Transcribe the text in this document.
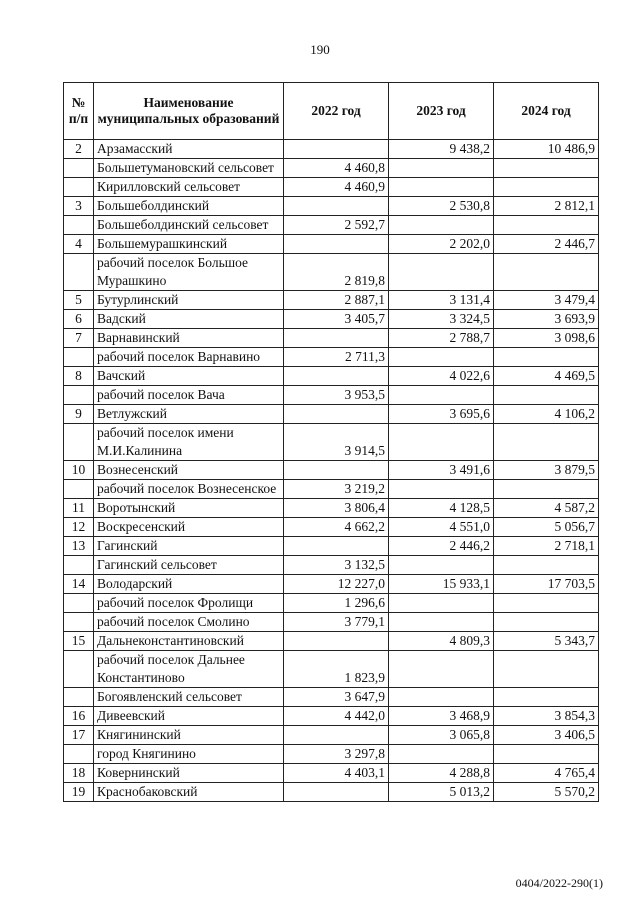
190
№ п/п	Наименование муниципальных образований	2022 год	2023 год	2024 год
2	Арзамасский		9 438,2	10 486,9
	Большетумановский сельсовет	4 460,8		
	Кирилловский сельсовет	4 460,9		
3	Большеболдинский		2 530,8	2 812,1
	Большеболдинский сельсовет	2 592,7		
4	Большемурашкинский		2 202,0	2 446,7
	рабочий поселок Большое Мурашкино	2 819,8		
5	Бутурлинский	2 887,1	3 131,4	3 479,4
6	Вадский	3 405,7	3 324,5	3 693,9
7	Варнавинский		2 788,7	3 098,6
	рабочий поселок Варнавино	2 711,3		
8	Вачский		4 022,6	4 469,5
	рабочий поселок Вача	3 953,5		
9	Ветлужский		3 695,6	4 106,2
	рабочий поселок имени М.И.Калинина	3 914,5		
10	Вознесенский		3 491,6	3 879,5
	рабочий поселок Вознесенское	3 219,2		
11	Воротынский	3 806,4	4 128,5	4 587,2
12	Воскресенский	4 662,2	4 551,0	5 056,7
13	Гагинский		2 446,2	2 718,1
	Гагинский сельсовет	3 132,5		
14	Володарский	12 227,0	15 933,1	17 703,5
	рабочий поселок Фролищи	1 296,6		
	рабочий поселок Смолино	3 779,1		
15	Дальнеконстантиновский		4 809,3	5 343,7
	рабочий поселок Дальнее Константиново	1 823,9		
	Богоявленский сельсовет	3 647,9		
16	Дивеевский	4 442,0	3 468,9	3 854,3
17	Княгининский		3 065,8	3 406,5
	город Княгинино	3 297,8		
18	Ковернинский	4 403,1	4 288,8	4 765,4
19	Краснобаковский		5 013,2	5 570,2
0404/2022-290(1)
